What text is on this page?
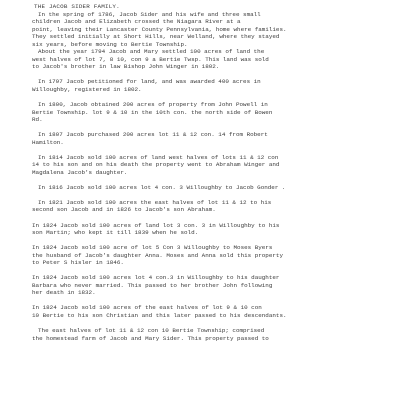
THE JACOB SIDER FAMILY.
In the spring of 1786, Jacob Sider and his wife and three small
children Jacob and Elizabeth crossed the Niagara River at a
point, leaving their Lancaster County Pennsylvania, home where families.
They settled initially at Short Hills, near Welland, where they stayed
six years, before moving to Bertie Township.
About the year 1794 Jacob and Mary settled 100 acres of land the
west halves of lot 7, 8 10, con 9 a Bertie Twsp. This land was sold
to Jacob's brother in law Bishop John Winger in 1802.
In 1797 Jacob petitioned for land, and was awarded 400 acres in
Willoughby, registered in 1802.
In 1800, Jacob obtained 200 acres of property from John Powell in
Bertie Township. lot 9 & 10 in the 10th con. the north side of Bowen
Rd.
In 1807 Jacob purchased 200 acres lot 11 & 12 con. 14 from Robert
Hamilton.
In 1814 Jacob sold 100 acres of land west halves of lots 11 & 12 con
14 to his son and on his death the property went to Abraham Winger and
Magdalena Jacob's daughter.
In 1816 Jacob sold 100 acres lot 4 con. 3 Willoughby to Jacob Gonder .
In 1821 Jacob sold 100 acres the east halves of lot 11 & 12 to his
second son Jacob and in 1826 to Jacob's son Abraham.
In 1824 Jacob sold 100 acres of land lot 3 con. 3 in Willoughby to his
son Martin; who kept it till 1839 when he sold.
In 1824 Jacob sold 100 acre of lot 5 Con 3 Willoughby to Moses Byers
the husband of Jacob's daughter Anna. Moses and Anna sold this property
to Peter S hisler in 1846.
In 1824 Jacob sold 100 acres lot 4 con.3 in Willoughby to his daughter
Barbara who never married. This passed to her brother John following
her death in 1832.
In 1824 Jacob sold 100 acres of the east halves of lot 9 & 10 con
10 Bertie to his son Christian and this later passed to his descendants.
The east halves of lot 11 & 12 con 10 Bertie Township; comprised
the homestead farm of Jacob and Mary Sider. This property passed to
